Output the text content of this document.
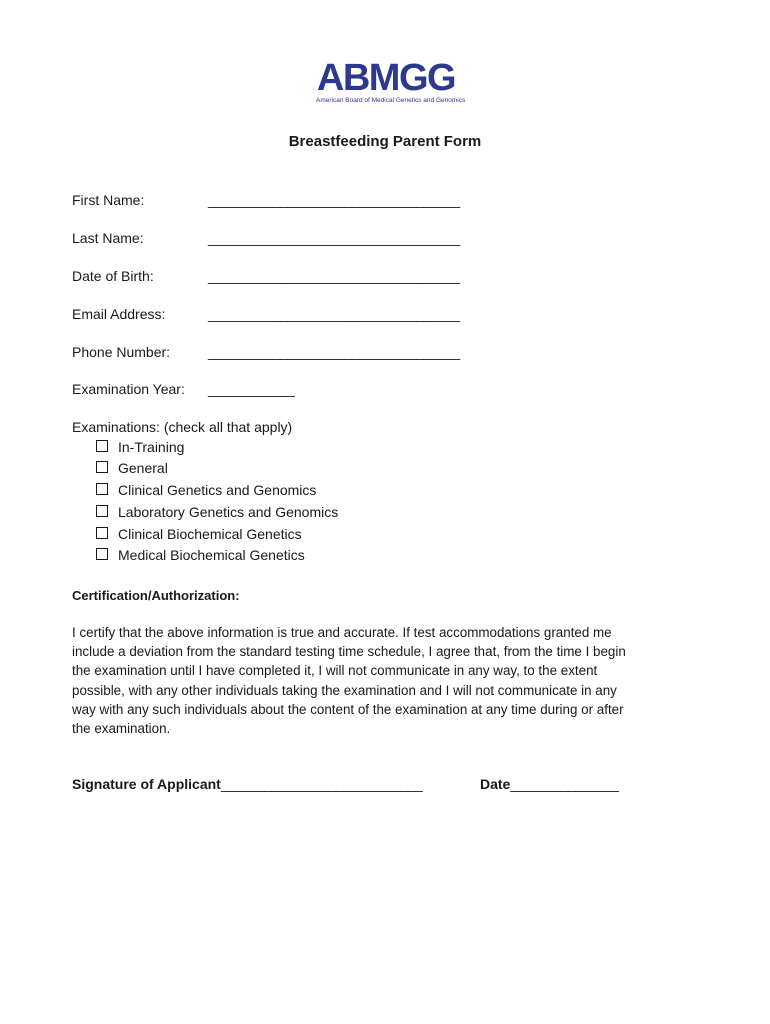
ABMGG
American Board of Medical Genetics and Genomics
Breastfeeding Parent Form
First Name:	___________________________________
Last Name:	___________________________________
Date of Birth:	___________________________________
Email Address:	___________________________________
Phone Number:	___________________________________
Examination Year: ____________
Examinations: (check all that apply)
In-Training
General
Clinical Genetics and Genomics
Laboratory Genetics and Genomics
Clinical Biochemical Genetics
Medical Biochemical Genetics
Certification/Authorization:
I certify that the above information is true and accurate. If test accommodations granted me
include a deviation from the standard testing time schedule, I agree that, from the time I begin
the examination until I have completed it, I will not communicate in any way, to the extent
possible, with any other individuals taking the examination and I will not communicate in any
way with any such individuals about the content of the examination at any time during or after
the examination.
Signature of Applicant____________________________	Date_______________
